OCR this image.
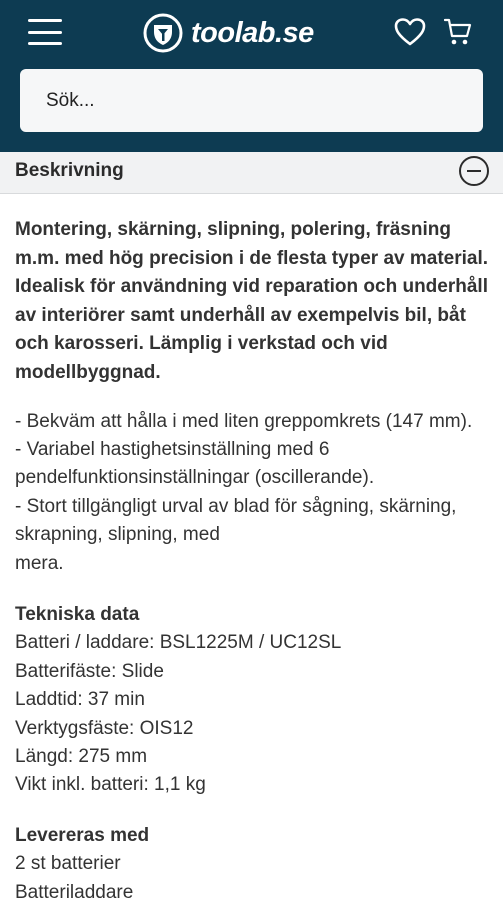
toolab.se
Sök...
Beskrivning

Montering, skärning, slipning, polering, fräsning m.m. med hög precision i de flesta typer av material. Idealisk för användning vid reparation och underhåll av interiörer samt underhåll av exempelvis bil, båt och karosseri. Lämplig i verkstad och vid modellbyggnad.

- Bekväm att hålla i med liten greppomkrets (147 mm).

- Variabel hastighetsinställning med 6 pendelfunktionsinställningar (oscillerande).

- Stort tillgängligt urval av blad för sågning, skärning, skrapning, slipning, med

mera.

Tekniska data

Batteri / laddare: BSL1225M / UC12SL

Batterifäste: Slide

Laddtid: 37 min

Verktygsfäste: OIS12

Längd: 275 mm

Vikt inkl. batteri: 1,1 kg

Levereras med

2 st batterier

Batteriladdare
